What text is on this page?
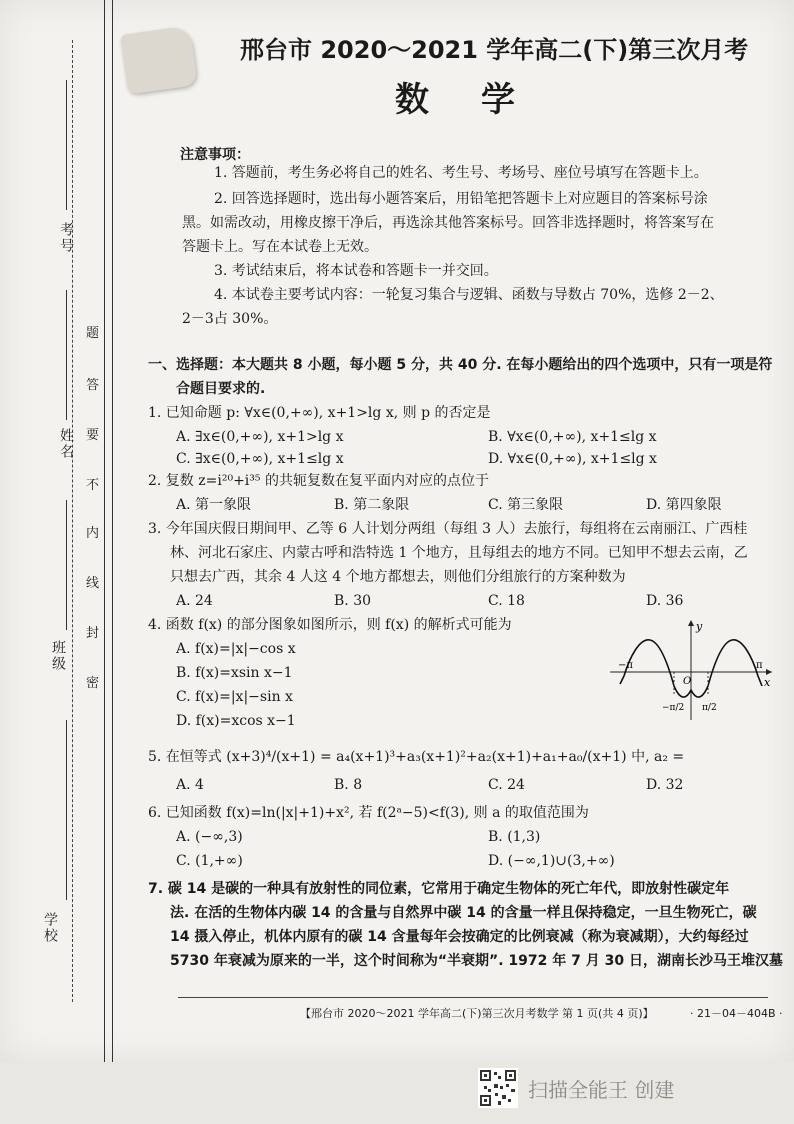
考号
姓名
班级
学校
题
答
要
不
内
线
封
密
邢台市 2020～2021 学年高二(下)第三次月考
数学
注意事项：
1. 答题前，考生务必将自己的姓名、考生号、考场号、座位号填写在答题卡上。
2. 回答选择题时，选出每小题答案后，用铅笔把答题卡上对应题目的答案标号涂
黑。如需改动，用橡皮擦干净后，再选涂其他答案标号。回答非选择题时，将答案写在
答题卡上。写在本试卷上无效。
3. 考试结束后，将本试卷和答题卡一并交回。
4. 本试卷主要考试内容：一轮复习集合与逻辑、函数与导数占 70%，选修 2－2、
2－3占 30%。
一、选择题：本大题共 8 小题，每小题 5 分，共 40 分. 在每小题给出的四个选项中，只有一项是符
合题目要求的.
1. 已知命题 p: ∀x∈(0,+∞), x+1>lg x, 则 p 的否定是
A. ∃x∈(0,+∞), x+1>lg x	B. ∀x∈(0,+∞), x+1≤lg x
C. ∃x∈(0,+∞), x+1≤lg x	D. ∀x∈(0,+∞), x+1≤lg x
2. 复数 z=i²⁰+i³⁵ 的共轭复数在复平面内对应的点位于
A. 第一象限	B. 第二象限	C. 第三象限	D. 第四象限
3. 今年国庆假日期间甲、乙等 6 人计划分两组（每组 3 人）去旅行，每组将在云南丽江、广西桂
林、河北石家庄、内蒙古呼和浩特选 1 个地方，且每组去的地方不同。已知甲不想去云南，乙
只想去广西，其余 4 人这 4 个地方都想去，则他们分组旅行的方案种数为
A. 24	B. 30	C. 18	D. 36
4. 函数 f(x) 的部分图象如图所示，则 f(x) 的解析式可能为
A. f(x)=|x|−cos x
B. f(x)=xsin x−1
C. f(x)=|x|−sin x
D. f(x)=xcos x−1
y
x
O
−π	π
−π/2 π/2
5. 在恒等式 (x+3)⁴/(x+1) = a₄(x+1)³+a₃(x+1)²+a₂(x+1)+a₁+a₀/(x+1) 中, a₂ =
A. 4	B. 8	C. 24	D. 32
6. 已知函数 f(x)=ln(|x|+1)+x², 若 f(2ᵃ−5)<f(3), 则 a 的取值范围为
A. (−∞,3)	B. (1,3)
C. (1,+∞)	D. (−∞,1)∪(3,+∞)
7. 碳 14 是碳的一种具有放射性的同位素，它常用于确定生物体的死亡年代，即放射性碳定年
法. 在活的生物体内碳 14 的含量与自然界中碳 14 的含量一样且保持稳定，一旦生物死亡，碳
14 摄入停止，机体内原有的碳 14 含量每年会按确定的比例衰减（称为衰减期），大约每经过
5730 年衰减为原来的一半，这个时间称为“半衰期”. 1972 年 7 月 30 日，湖南长沙马王堆汉墓
【邢台市 2020～2021 学年高二(下)第三次月考数学 第 1 页(共 4 页)】	· 21－04－404B ·
扫描全能王 创建
